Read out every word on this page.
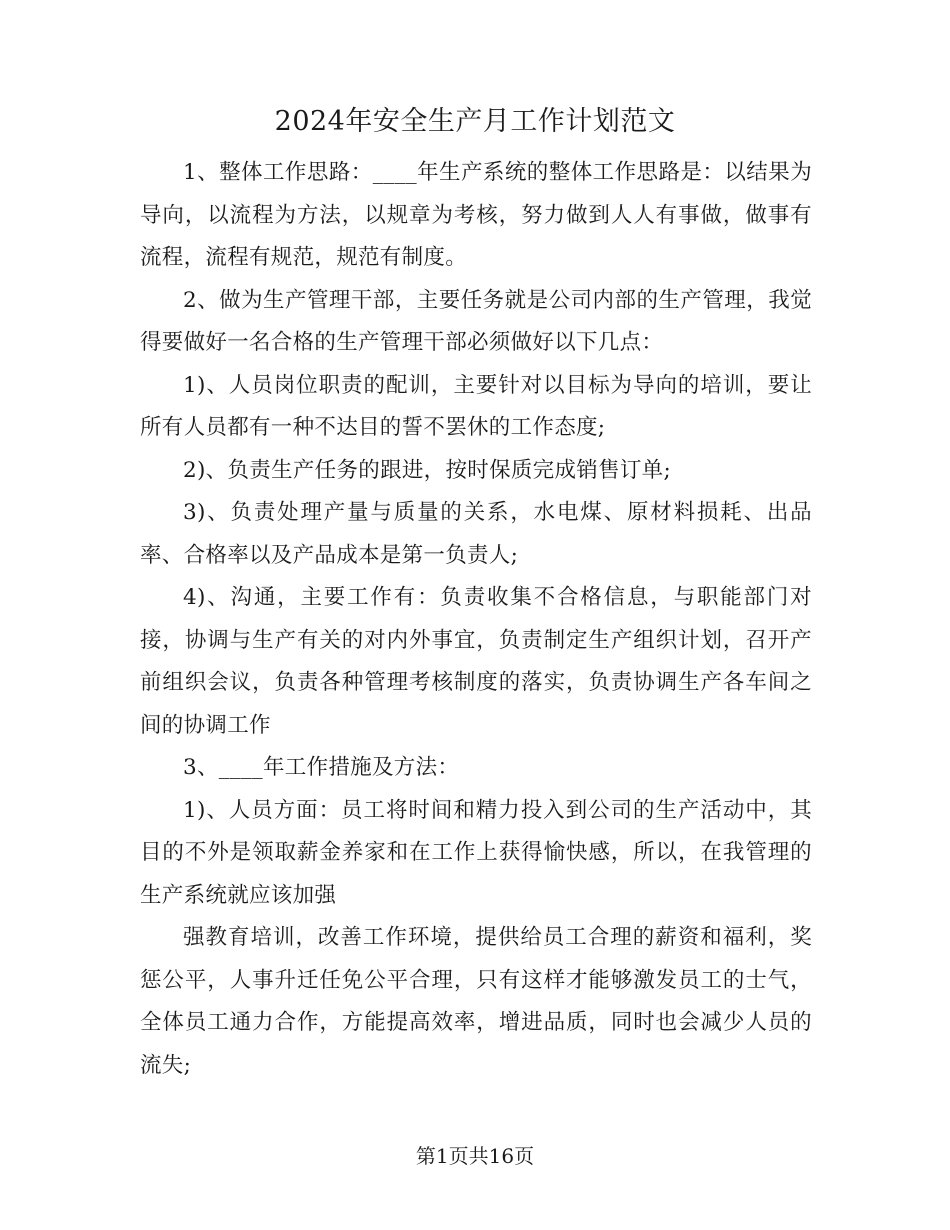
2024年安全生产月工作计划范文

1、整体工作思路：____年生产系统的整体工作思路是：以结果为导向，以流程为方法，以规章为考核，努力做到人人有事做，做事有流程，流程有规范，规范有制度。

2、做为生产管理干部，主要任务就是公司内部的生产管理，我觉得要做好一名合格的生产管理干部必须做好以下几点：

1)、人员岗位职责的配训，主要针对以目标为导向的培训，要让所有人员都有一种不达目的誓不罢休的工作态度;

2)、负责生产任务的跟进，按时保质完成销售订单;

3)、负责处理产量与质量的关系，水电煤、原材料损耗、出品率、合格率以及产品成本是第一负责人;

4)、沟通，主要工作有：负责收集不合格信息，与职能部门对接，协调与生产有关的对内外事宜，负责制定生产组织计划，召开产前组织会议，负责各种管理考核制度的落实，负责协调生产各车间之间的协调工作

3、____年工作措施及方法：

1)、人员方面：员工将时间和精力投入到公司的生产活动中，其目的不外是领取薪金养家和在工作上获得愉快感，所以，在我管理的生产系统就应该加强

强教育培训，改善工作环境，提供给员工合理的薪资和福利，奖惩公平，人事升迁任免公平合理，只有这样才能够激发员工的士气，全体员工通力合作，方能提高效率，增进品质，同时也会减少人员的流失;

第1页共16页
